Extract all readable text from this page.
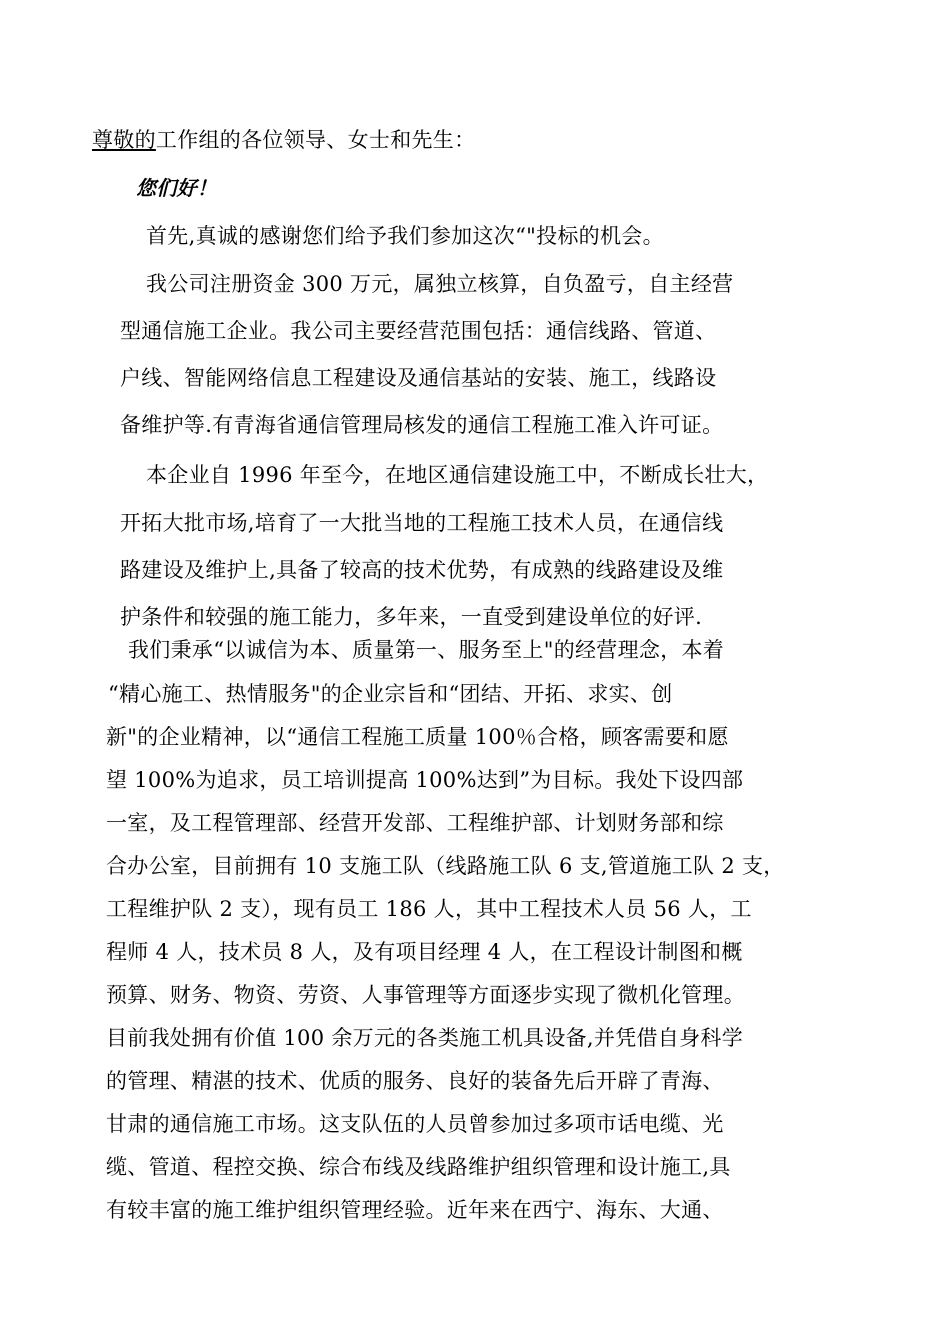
尊敬的工作组的各位领导、女士和先生：
您们好！
首先,真诚的感谢您们给予我们参加这次“"投标的机会。
我公司注册资金 300 万元，属独立核算，自负盈亏，自主经营
型通信施工企业。我公司主要经营范围包括：通信线路、管道、
户线、智能网络信息工程建设及通信基站的安装、施工，线路设
备维护等.有青海省通信管理局核发的通信工程施工准入许可证。
本企业自 1996 年至今，在地区通信建设施工中，不断成长壮大，
开拓大批市场,培育了一大批当地的工程施工技术人员，在通信线
路建设及维护上,具备了较高的技术优势，有成熟的线路建设及维
护条件和较强的施工能力，多年来，一直受到建设单位的好评.
我们秉承“以诚信为本、质量第一、服务至上"的经营理念，本着
“精心施工、热情服务"的企业宗旨和“团结、开拓、求实、创
新"的企业精神，以“通信工程施工质量 100％合格，顾客需要和愿
望 100%为追求，员工培训提高 100%达到”为目标。我处下设四部
一室，及工程管理部、经营开发部、工程维护部、计划财务部和综
合办公室，目前拥有 10 支施工队（线路施工队 6 支,管道施工队 2 支，
工程维护队 2 支），现有员工 186 人，其中工程技术人员 56 人，工
程师 4 人，技术员 8 人，及有项目经理 4 人，在工程设计制图和概
预算、财务、物资、劳资、人事管理等方面逐步实现了微机化管理。
目前我处拥有价值 100 余万元的各类施工机具设备,并凭借自身科学
的管理、精湛的技术、优质的服务、良好的装备先后开辟了青海、
甘肃的通信施工市场。这支队伍的人员曾参加过多项市话电缆、光
缆、管道、程控交换、综合布线及线路维护组织管理和设计施工,具
有较丰富的施工维护组织管理经验。近年来在西宁、海东、大通、
